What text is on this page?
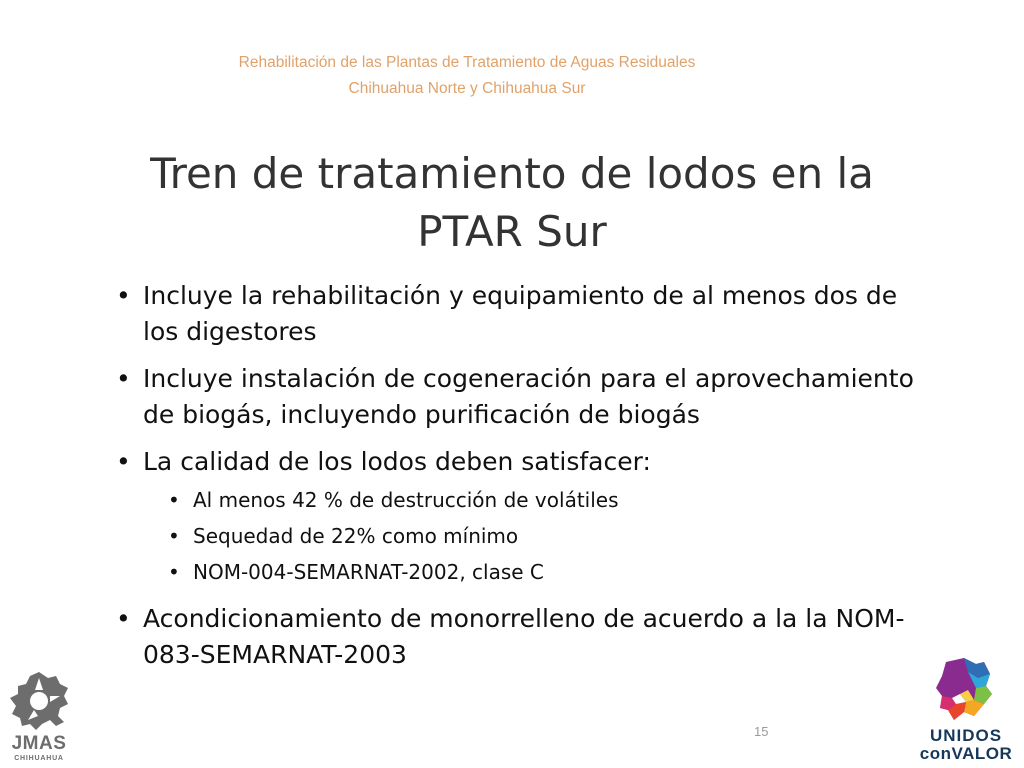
Rehabilitación de las Plantas de Tratamiento de Aguas Residuales
Chihuahua Norte y Chihuahua Sur
Tren de tratamiento de lodos en la
PTAR Sur
• Incluye la rehabilitación y equipamiento de al menos dos de los digestores
• Incluye instalación de cogeneración para el aprovechamiento de biogás, incluyendo purificación de biogás
• La calidad de los lodos deben satisfacer:
• Al menos 42 % de destrucción de volátiles
• Sequedad de 22% como mínimo
• NOM-004-SEMARNAT-2002, clase C
• Acondicionamiento de monorrelleno de acuerdo a la la NOM-083-SEMARNAT-2003
15
JMAS
CHIHUAHUA
UNIDOS
conVALOR
